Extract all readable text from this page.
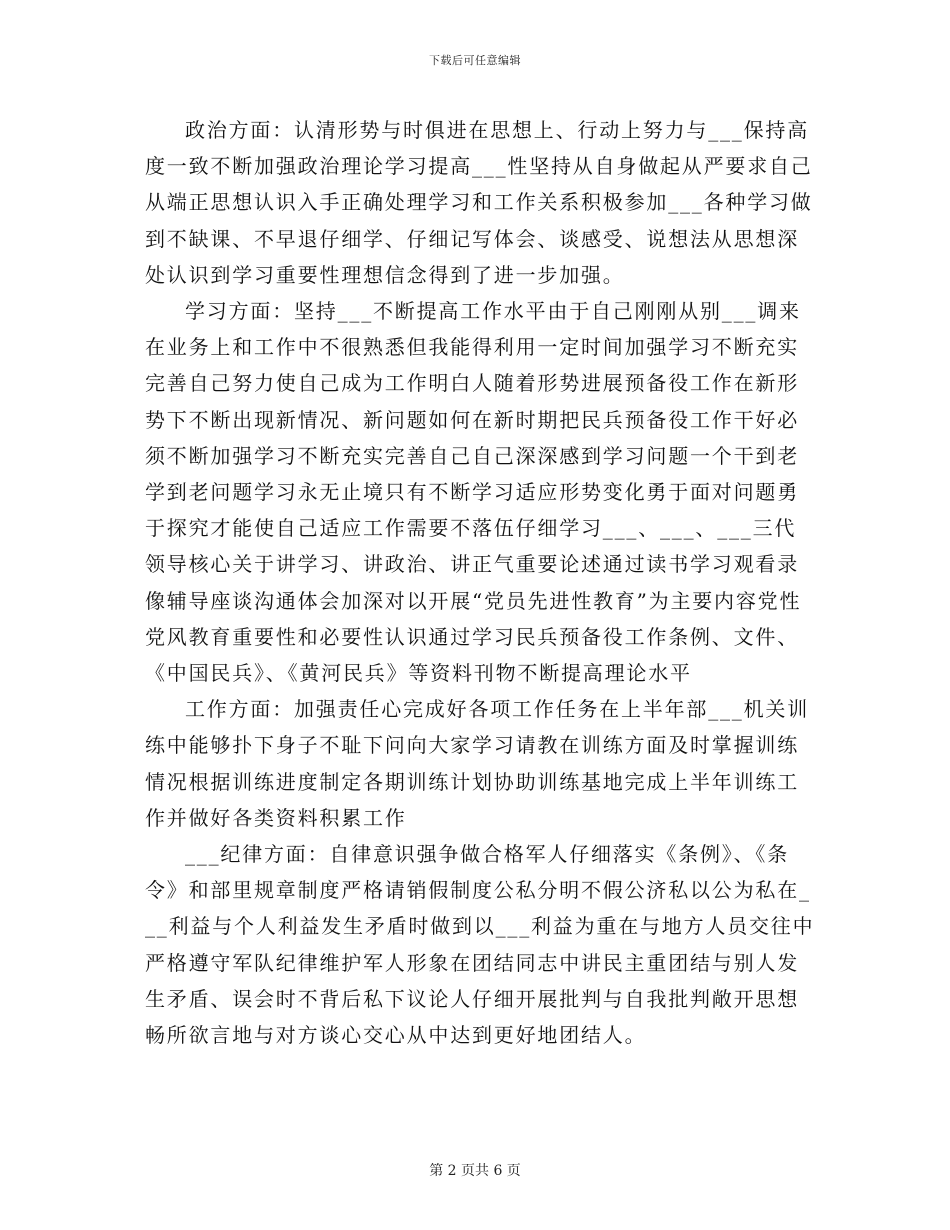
下载后可任意编辑

政治方面：认清形势与时俱进在思想上、行动上努力与___保持高度一致不断加强政治理论学习提高___性坚持从自身做起从严要求自己从端正思想认识入手正确处理学习和工作关系积极参加___各种学习做到不缺课、不早退仔细学、仔细记写体会、谈感受、说想法从思想深处认识到学习重要性理想信念得到了进一步加强。

学习方面：坚持___不断提高工作水平由于自己刚刚从别___调来在业务上和工作中不很熟悉但我能得利用一定时间加强学习不断充实完善自己努力使自己成为工作明白人随着形势进展预备役工作在新形势下不断出现新情况、新问题如何在新时期把民兵预备役工作干好必须不断加强学习不断充实完善自己自己深深感到学习问题一个干到老学到老问题学习永无止境只有不断学习适应形势变化勇于面对问题勇于探究才能使自己适应工作需要不落伍仔细学习___、___、___三代领导核心关于讲学习、讲政治、讲正气重要论述通过读书学习观看录像辅导座谈沟通体会加深对以开展“党员先进性教育”为主要内容党性党风教育重要性和必要性认识通过学习民兵预备役工作条例、文件、《中国民兵》、《黄河民兵》等资料刊物不断提高理论水平

工作方面：加强责任心完成好各项工作任务在上半年部___机关训练中能够扑下身子不耻下问向大家学习请教在训练方面及时掌握训练情况根据训练进度制定各期训练计划协助训练基地完成上半年训练工作并做好各类资料积累工作

___纪律方面：自律意识强争做合格军人仔细落实《条例》、《条令》和部里规章制度严格请销假制度公私分明不假公济私以公为私在___利益与个人利益发生矛盾时做到以___利益为重在与地方人员交往中严格遵守军队纪律维护军人形象在团结同志中讲民主重团结与别人发生矛盾、误会时不背后私下议论人仔细开展批判与自我批判敞开思想畅所欲言地与对方谈心交心从中达到更好地团结人。

第 2 页共 6 页
